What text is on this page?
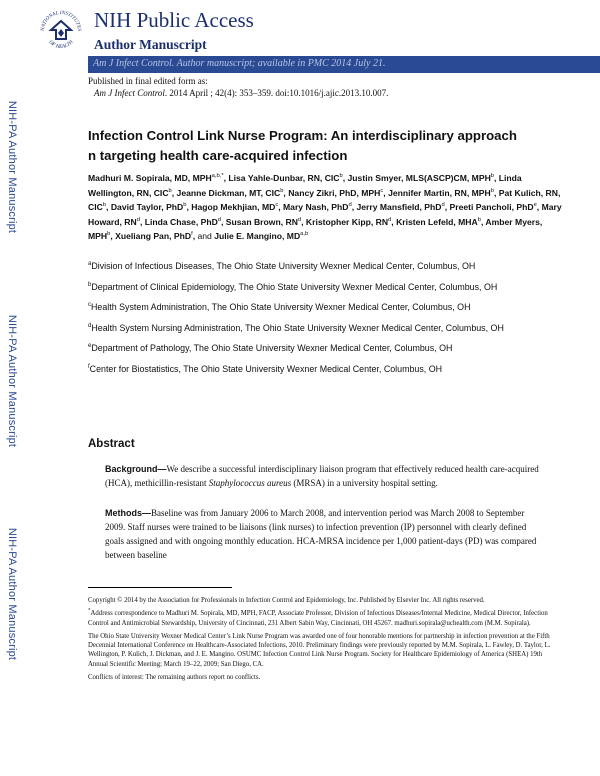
NATIONAL INSTITUTES
OF HEALTH
NIH Public Access
Author Manuscript
Am J Infect Control. Author manuscript; available in PMC 2014 July 21.
Published in final edited form as:
Am J Infect Control. 2014 April ; 42(4): 353–359. doi:10.1016/j.ajic.2013.10.007.
NIH-PA Author Manuscript
NIH-PA Author Manuscript
NIH-PA Author Manuscript
Infection Control Link Nurse Program: An interdisciplinary approach n targeting health care-acquired infection
Madhuri M. Sopirala, MD, $MPH^{a,b,*}$, Lisa Yahle-Dunbar, RN, CIC$^b$, Justin Smyer, MLS(ASCP)CM, MPH$^b$, Linda Wellington, RN, CIC$^b$, Jeanne Dickman, MT, CIC$^b$, Nancy Zikri, PhD, MPH$^c$, Jennifer Martin, RN, MPH$^b$, Pat Kulich, RN, CIC$^b$, David Taylor, PhD$^b$, Hagop Mekhjian, $MD^c$, Mary Nash, PhD$^d$, Jerry Mansfield, PhD$^d$, Preeti Pancholi, PhD$^e$, Mary Howard, $RN^d$, Linda Chase, PhD$^d$, Susan Brown, $RN^d$, Kristopher Kipp, $RN^d$, Kristen Lefeld, MHA$^b$, Amber Myers, MPH$^b$, Xueliang Pan, PhD$^f$, and Julie E. Mangino, MD$^{a,b}$
$^a$Division of Infectious Diseases, The Ohio State University Wexner Medical Center, Columbus, OH
$^b$Department of Clinical Epidemiology, The Ohio State University Wexner Medical Center, Columbus, OH
$^c$Health System Administration, The Ohio State University Wexner Medical Center, Columbus, OH
$^d$Health System Nursing Administration, The Ohio State University Wexner Medical Center, Columbus, OH
$^e$Department of Pathology, The Ohio State University Wexner Medical Center, Columbus, OH
$^f$Center for Biostatistics, The Ohio State University Wexner Medical Center, Columbus, OH
Abstract
Background—We describe a successful interdisciplinary liaison program that effectively reduced health care-acquired (HCA), methicillin-resistant Staphylococcus aureus (MRSA) in a university hospital setting.
Methods—Baseline was from January 2006 to March 2008, and intervention period was March 2008 to September 2009. Staff nurses were trained to be liaisons (link nurses) to infection prevention (IP) personnel with clearly defined goals assigned and with ongoing monthly education. HCA-MRSA incidence per 1,000 patient-days (PD) was compared between baseline
Copyright © 2014 by the Association for Professionals in Infection Control and Epidemiology, Inc. Published by Elsevier Inc. All rights reserved.
*Address correspondence to Madhuri M. Sopirala, MD, MPH, FACP, Associate Professor, Division of Infectious Diseases/Internal Medicine, Medical Director, Infection Control and Antimicrobial Stewardship, University of Cincinnati, 231 Albert Sabin Way, Cincinnati, OH 45267. madhuri.sopirala@uchealth.com (M.M. Sopirala).
The Ohio State University Wexner Medical Center’s Link Nurse Program was awarded one of four honorable mentions for partnership in infection prevention at the Fifth Decennial International Conference on Healthcare-Associated Infections, 2010. Preliminary findings were previously reported by M.M. Sopirala, L. Fawley, D. Taylor, L. Wellington, P. Kulich, J. Dickman, and J. E. Mangino. OSUMC Infection Control Link Nurse Program. Society for Healthcare Epidemiology of America (SHEA) 19th Annual Scientific Meeting; March 19–22, 2009; San Diego, CA.
Conflicts of interest: The remaining authors report no conflicts.
